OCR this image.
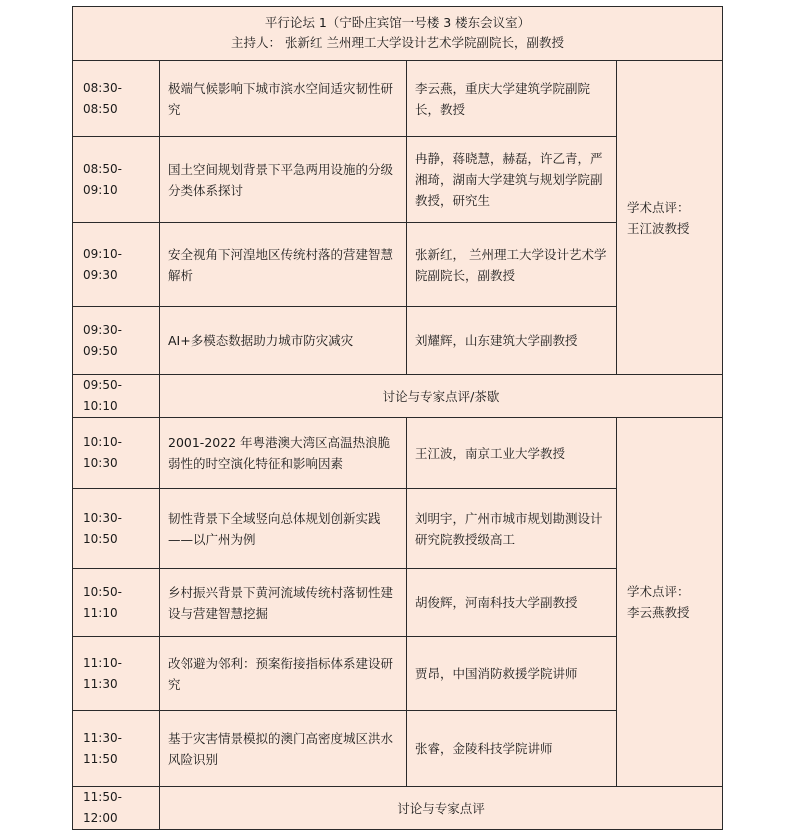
平行论坛 1（宁卧庄宾馆一号楼 3 楼东会议室）
主持人： 张新红 兰州理工大学设计艺术学院副院长，副教授			

08:30-08:50	极端气候影响下城市滨水空间适灾韧性研究	李云燕，重庆大学建筑学院副院长，教授	学术点评：
王江波教授

08:50-09:10	国土空间规划背景下平急两用设施的分级分类体系探讨	冉静，蒋晓慧，赫磊，许乙青，严湘琦，湖南大学建筑与规划学院副教授，研究生	
09:10-09:30	安全视角下河湟地区传统村落的营建智慧解析	张新红， 兰州理工大学设计艺术学院副院长，副教授	
09:30-09:50	AI+多模态数据助力城市防灾减灾	刘耀辉，山东建筑大学副教授	
09:50-10:10	讨论与专家点评/茶歇		
10:10-10:30	2001-2022 年粤港澳大湾区高温热浪脆弱性的时空演化特征和影响因素	王江波，南京工业大学教授	学术点评：
李云燕教授

10:30-10:50	韧性背景下全域竖向总体规划创新实践——以广州为例	刘明宇，广州市城市规划勘测设计研究院教授级高工	
10:50-11:10	乡村振兴背景下黄河流域传统村落韧性建设与营建智慧挖掘	胡俊辉，河南科技大学副教授	
11:10-11:30	改邻避为邻利：预案衔接指标体系建设研究	贾昂，中国消防救援学院讲师	
11:30-11:50	基于灾害情景模拟的澳门高密度城区洪水风险识别	张睿，金陵科技学院讲师	
11:50-12:00	讨论与专家点评		
